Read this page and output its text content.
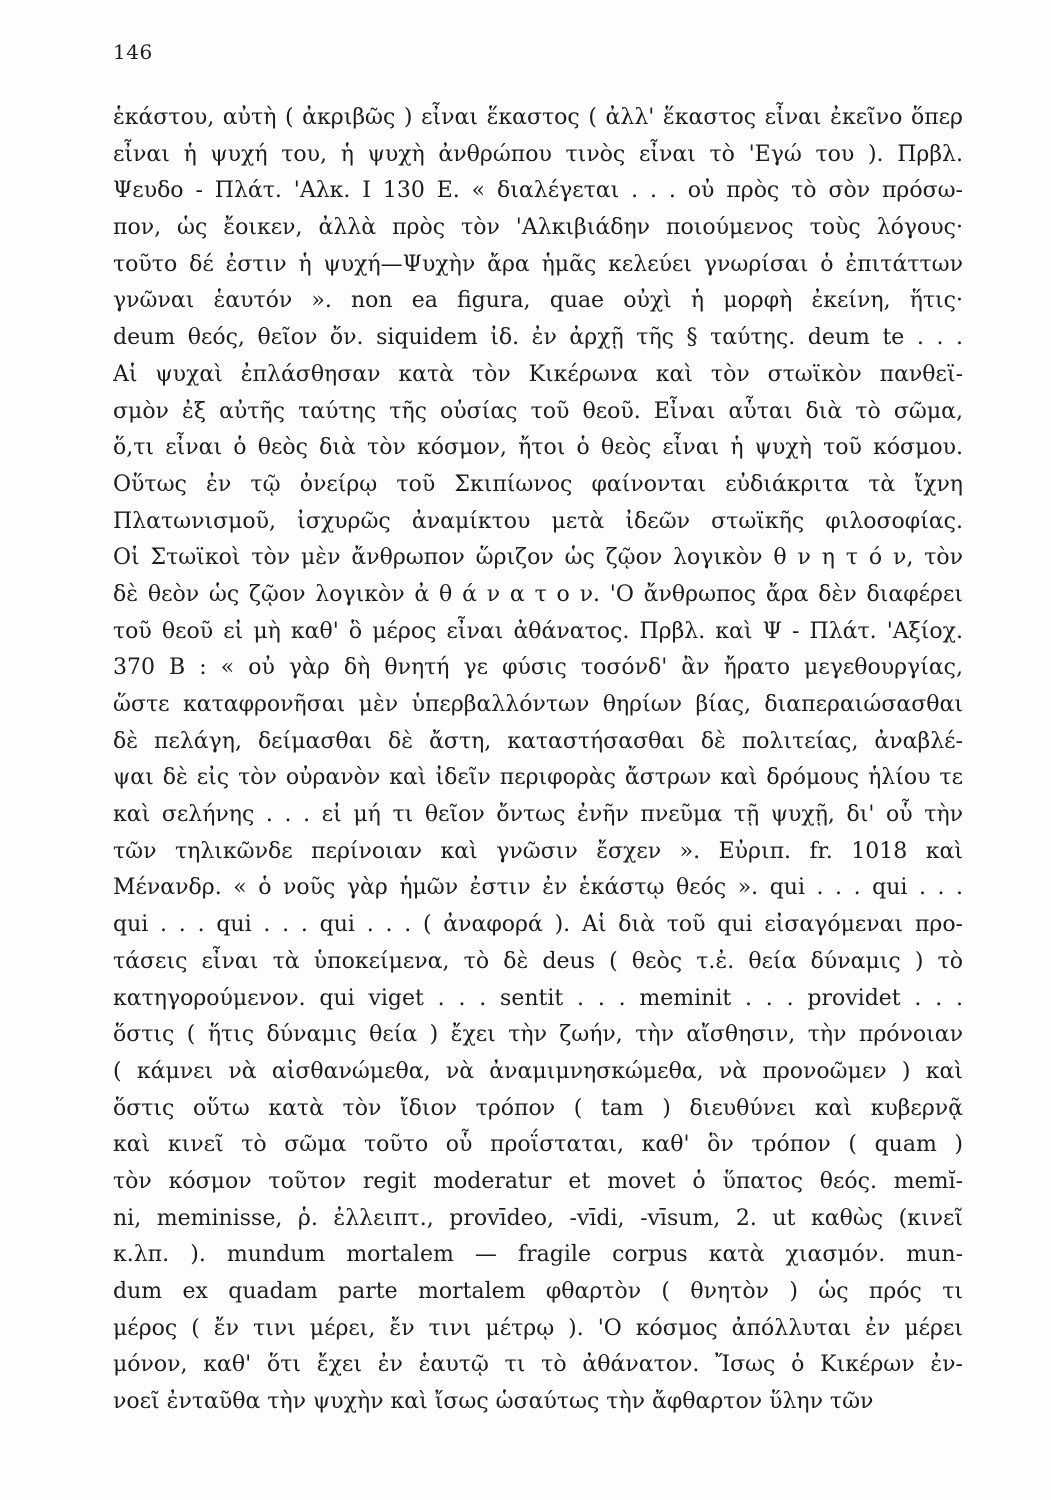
146
ἑκάστου, αὐτὴ ( ἀκριβῶς ) εἶναι ἕκαστος ( ἀλλ' ἕκαστος εἶναι ἐκεῖνο ὅπερ
εἶναι ἡ ψυχή του, ἡ ψυχὴ ἀνθρώπου τινὸς εἶναι τὸ 'Εγώ του ). Πρβλ.
Ψευδο - Πλάτ. 'Αλκ. I 130 E. « διαλέγεται . . . οὐ πρὸς τὸ σὸν πρόσω-
πον, ὡς ἔοικεν, ἀλλὰ πρὸς τὸν 'Αλκιβιάδην ποιούμενος τοὺς λόγους·
τοῦτο δέ ἐστιν ἡ ψυχή—Ψυχὴν ἄρα ἡμᾶς κελεύει γνωρίσαι ὁ ἐπιτάττων
γνῶναι ἑαυτόν ». non ea figura, quae οὐχὶ ἡ μορφὴ ἐκείνη, ἥτις·
deum θεός, θεῖον ὄν. siquidem ἰδ. ἐν ἀρχῇ τῆς § ταύτης. deum te . . .
Αἱ ψυχαὶ ἐπλάσθησαν κατὰ τὸν Κικέρωνα καὶ τὸν στωϊκὸν πανθεϊ-
σμὸν ἐξ αὐτῆς ταύτης τῆς οὐσίας τοῦ θεοῦ. Εἶναι αὗται διὰ τὸ σῶμα,
ὅ,τι εἶναι ὁ θεὸς διὰ τὸν κόσμον, ἤτοι ὁ θεὸς εἶναι ἡ ψυχὴ τοῦ κόσμου.
Οὕτως ἐν τῷ ὀνείρῳ τοῦ Σκιπίωνος φαίνονται εὐδιάκριτα τὰ ἴχνη
Πλατωνισμοῦ, ἰσχυρῶς ἀναμίκτου μετὰ ἰδεῶν στωϊκῆς φιλοσοφίας.
Οἱ Στωϊκοὶ τὸν μὲν ἄνθρωπον ὥριζον ὡς ζῷον λογικὸν θ ν η τ ό ν, τὸν
δὲ θεὸν ὡς ζῷον λογικὸν ἀ θ ά ν α τ ο ν. 'Ο ἄνθρωπος ἄρα δὲν διαφέρει
τοῦ θεοῦ εἰ μὴ καθ' ὃ μέρος εἶναι ἀθάνατος. Πρβλ. καὶ Ψ - Πλάτ. 'Αξίοχ.
370 B : « οὐ γὰρ δὴ θνητή γε φύσις τοσόνδ' ἂν ἤρατο μεγεθουργίας,
ὥστε καταφρονῆσαι μὲν ὑπερβαλλόντων θηρίων βίας, διαπεραιώσασθαι
δὲ πελάγη, δείμασθαι δὲ ἄστη, καταστήσασθαι δὲ πολιτείας, ἀναβλέ-
ψαι δὲ εἰς τὸν οὐρανὸν καὶ ἰδεῖν περιφορὰς ἄστρων καὶ δρόμους ἡλίου τε
καὶ σελήνης . . . εἰ μή τι θεῖον ὄντως ἐνῆν πνεῦμα τῇ ψυχῇ, δι' οὗ τὴν
τῶν τηλικῶνδε περίνοιαν καὶ γνῶσιν ἔσχεν ». Εὐριπ. fr. 1018 καὶ
Μένανδρ. « ὁ νοῦς γὰρ ἡμῶν ἐστιν ἐν ἑκάστῳ θεός ». qui . . . qui . . .
qui . . . qui . . . qui . . . ( ἀναφορά ). Αἱ διὰ τοῦ qui εἰσαγόμεναι προ-
τάσεις εἶναι τὰ ὑποκείμενα, τὸ δὲ deus ( θεὸς τ.ἐ. θεία δύναμις ) τὸ
κατηγορούμενον. qui viget . . . sentit . . . meminit . . . providet . . .
ὅστις ( ἥτις δύναμις θεία ) ἔχει τὴν ζωήν, τὴν αἴσθησιν, τὴν πρόνοιαν
( κάμνει νὰ αἰσθανώμεθα, νὰ ἀναμιμνησκώμεθα, νὰ προνοῶμεν ) καὶ
ὅστις οὕτω κατὰ τὸν ἴδιον τρόπον ( tam ) διευθύνει καὶ κυβερνᾷ
καὶ κινεῖ τὸ σῶμα τοῦτο οὗ προΐσταται, καθ' ὃν τρόπον ( quam )
τὸν κόσμον τοῦτον regit moderatur et movet ὁ ὕπατος θεός. memĭ-
ni, meminisse, ῥ. ἐλλειπτ., provīdeo, -vīdi, -vīsum, 2. ut καθὼς (κινεῖ
κ.λπ. ). mundum mortalem — fragile corpus κατὰ χιασμόν. mun-
dum ex quadam parte mortalem φθαρτὸν ( θνητὸν ) ὡς πρός τι
μέρος ( ἔν τινι μέρει, ἔν τινι μέτρῳ ). 'Ο κόσμος ἀπόλλυται ἐν μέρει
μόνον, καθ' ὅτι ἔχει ἐν ἑαυτῷ τι τὸ ἀθάνατον. Ἴσως ὁ Κικέρων ἐν-
νοεῖ ἐνταῦθα τὴν ψυχὴν καὶ ἴσως ὡσαύτως τὴν ἄφθαρτον ὕλην τῶν
